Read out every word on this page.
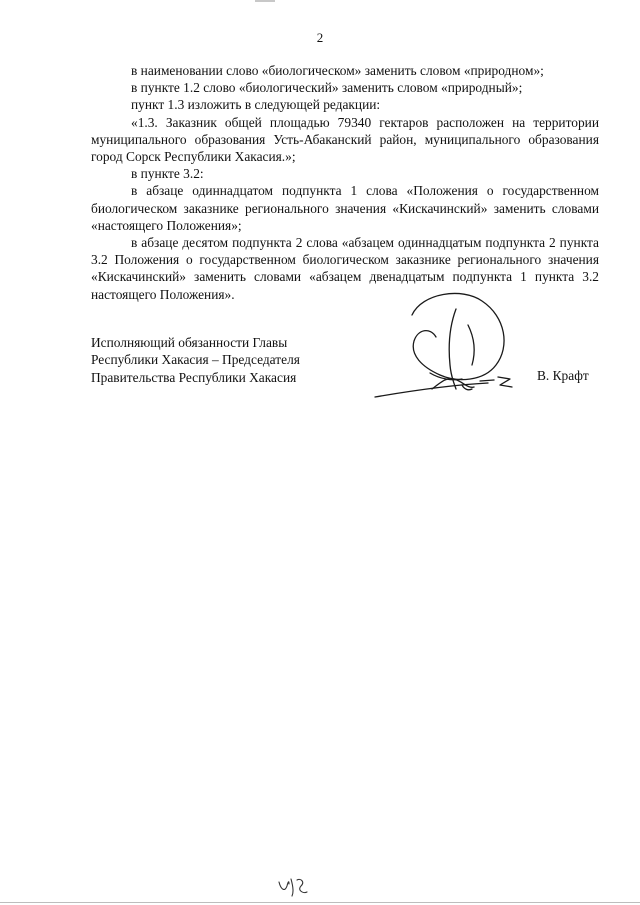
2

в наименовании слово «биологическом» заменить словом «природном»;

в пункте 1.2 слово «биологический» заменить словом «природный»;

пункт 1.3 изложить в следующей редакции:

«1.3. Заказник общей площадью 79340 гектаров расположен на территории муниципального образования Усть-Абаканский район, муниципального образования город Сорск Республики Хакасия.»;

в пункте 3.2:

в абзаце одиннадцатом подпункта 1 слова «Положения о государственном биологическом заказнике регионального значения «Кискачинский» заменить словами «настоящего Положения»;

в абзаце десятом подпункта 2 слова «абзацем одиннадцатым подпункта 2 пункта 3.2 Положения о государственном биологическом заказнике регионального значения «Кискачинский» заменить словами «абзацем двенадцатым подпункта 1 пункта 3.2 настоящего Положения».

Исполняющий обязанности Главы
Республики Хакасия – Председателя
Правительства Республики Хакасия	В. Крафт
